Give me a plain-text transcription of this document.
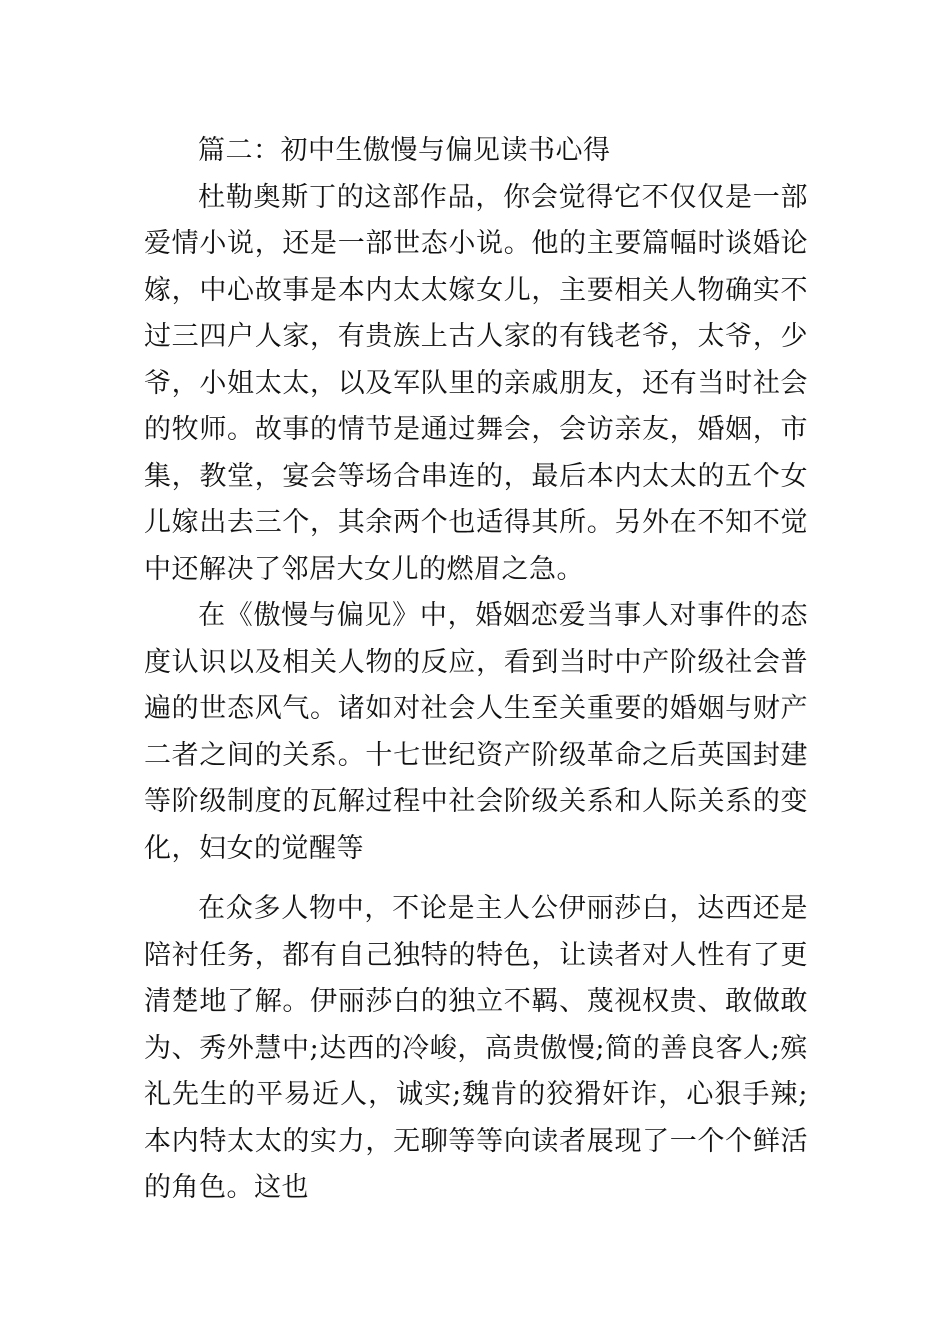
篇二：初中生傲慢与偏见读书心得

杜勒奥斯丁的这部作品，你会觉得它不仅仅是一部爱情小说，还是一部世态小说。他的主要篇幅时谈婚论嫁，中心故事是本内太太嫁女儿，主要相关人物确实不过三四户人家，有贵族上古人家的有钱老爷，太爷，少爷，小姐太太，以及军队里的亲戚朋友，还有当时社会的牧师。故事的情节是通过舞会，会访亲友，婚姻，市集，教堂，宴会等场合串连的，最后本内太太的五个女儿嫁出去三个，其余两个也适得其所。另外在不知不觉中还解决了邻居大女儿的燃眉之急。

在《傲慢与偏见》中，婚姻恋爱当事人对事件的态度认识以及相关人物的反应，看到当时中产阶级社会普遍的世态风气。诸如对社会人生至关重要的婚姻与财产二者之间的关系。十七世纪资产阶级革命之后英国封建等阶级制度的瓦解过程中社会阶级关系和人际关系的变化，妇女的觉醒等

在众多人物中，不论是主人公伊丽莎白，达西还是陪衬任务，都有自己独特的特色，让读者对人性有了更清楚地了解。伊丽莎白的独立不羁、蔑视权贵、敢做敢为、秀外慧中;达西的冷峻，高贵傲慢;简的善良客人;殡礼先生的平易近人，诚实;魏肯的狡猾奸诈，心狠手辣;本内特太太的实力，无聊等等向读者展现了一个个鲜活的角色。这也
